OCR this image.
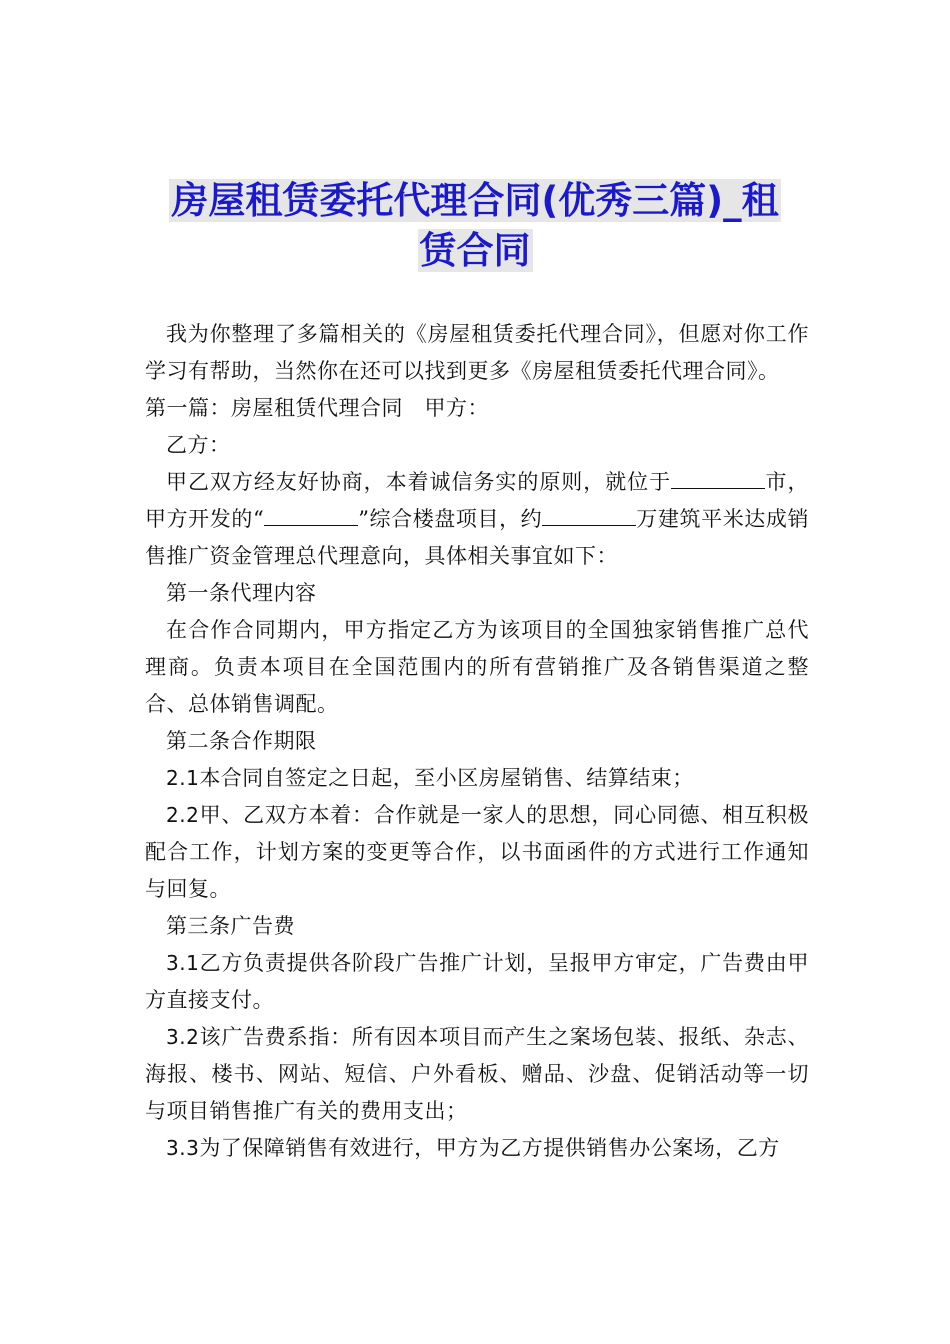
房屋租赁委托代理合同(优秀三篇)_租
赁合同

我为你整理了多篇相关的《房屋租赁委托代理合同》，但愿对你工作学习有帮助，当然你在还可以找到更多《房屋租赁委托代理合同》。

第一篇：房屋租赁代理合同　甲方：

乙方：

甲乙双方经友好协商，本着诚信务实的原则，就位于	市，甲方开发的“	”综合楼盘项目，约	万建筑平米达成销售推广资金管理总代理意向，具体相关事宜如下：

第一条代理内容

在合作合同期内，甲方指定乙方为该项目的全国独家销售推广总代理商。负责本项目在全国范围内的所有营销推广及各销售渠道之整合、总体销售调配。

第二条合作期限

2.1本合同自签定之日起，至小区房屋销售、结算结束；

2.2甲、乙双方本着：合作就是一家人的思想，同心同德、相互积极配合工作，计划方案的变更等合作，以书面函件的方式进行工作通知与回复。

第三条广告费

3.1乙方负责提供各阶段广告推广计划，呈报甲方审定，广告费由甲方直接支付。

3.2该广告费系指：所有因本项目而产生之案场包装、报纸、杂志、海报、楼书、网站、短信、户外看板、赠品、沙盘、促销活动等一切与项目销售推广有关的费用支出；

3.3为了保障销售有效进行，甲方为乙方提供销售办公案场，乙方
